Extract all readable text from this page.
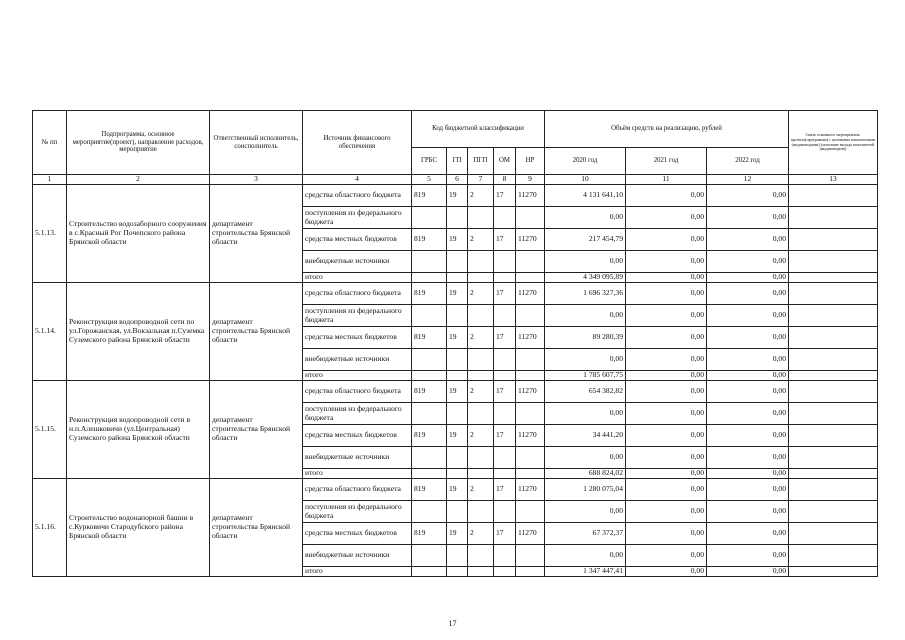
№ пп	Подпрограмма, основное мероприятие(проект), направление расходов, мероприятие	Ответственный исполнитель, соисполнитель	Источник финансового обеспечения	Код бюджетной классификации					Объём средств на реализацию, рублей			Связь основного мероприятия, проекта(программы) с целевыми показателями (индикаторами) (описание вклада показателей (индикаторов))
				ГРБС	ГП	ПГП	ОМ	НР	2020 год	2021 год	2022 год	
1	2	3	4	5	6	7	8	9	10	11	12	13
5.1.13.	Строительство водозаборного сооружения в с.Красный Рог Почепского района Брянской области	департамент строительства Брянской области	средства областного бюджета	819	19	2	17	11270	4 131 641,10	0,00	0,00	
			поступления из федерального бюджета						0,00	0,00	0,00	
			средства местных бюджетов	819	19	2	17	11270	217 454,79	0,00	0,00	
			внебюджетные источники						0,00	0,00	0,00	
			итого						4 349 095,89	0,00	0,00	
5.1.14.	Реконструкция водопроводной сети по ул.Горожанская, ул.Вокзальная п.Суземка Суземского района Брянской области	департамент строительства Брянской области	средства областного бюджета	819	19	2	17	11270	1 696 327,36	0,00	0,00	
			поступления из федерального бюджета						0,00	0,00	0,00	
			средства местных бюджетов	819	19	2	17	11270	89 280,39	0,00	0,00	
			внебюджетные источники						0,00	0,00	0,00	
			итого						1 785 607,75	0,00	0,00	
5.1.15.	Реконструкция водопроводной сети в н.п.Алешковичи (ул.Центральная) Суземского района Брянской области	департамент строительства Брянской области	средства областного бюджета	819	19	2	17	11270	654 382,82	0,00	0,00	
			поступления из федерального бюджета						0,00	0,00	0,00	
			средства местных бюджетов	819	19	2	17	11270	34 441,20	0,00	0,00	
			внебюджетные источники						0,00	0,00	0,00	
			итого						688 824,02	0,00	0,00	
5.1.16.	Строительство водонапорной башни в с.Курковичи Стародубского района Брянской области	департамент строительства Брянской области	средства областного бюджета	819	19	2	17	11270	1 280 075,04	0,00	0,00	
			поступления из федерального бюджета						0,00	0,00	0,00	
			средства местных бюджетов	819	19	2	17	11270	67 372,37	0,00	0,00	
			внебюджетные источники						0,00	0,00	0,00	
			итого						1 347 447,41	0,00	0,00	
17
